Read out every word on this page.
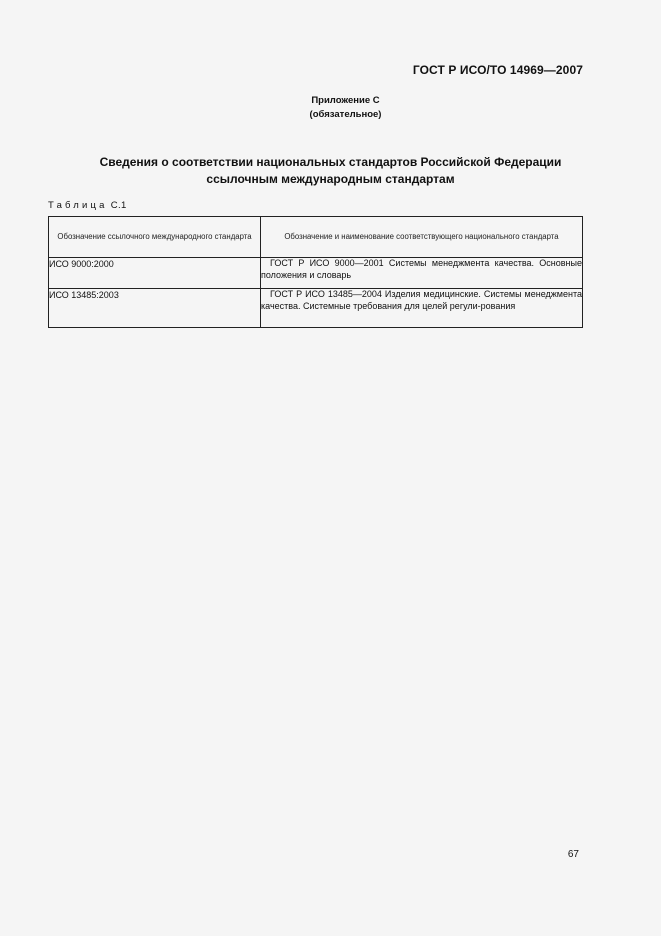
ГОСТ Р ИСО/ТО 14969—2007
Приложение С
(обязательное)
Сведения о соответствии национальных стандартов Российской Федерации
ссылочным международным стандартам
Таблица С.1
Обозначение ссылочного международного стандарта	Обозначение и наименование соответствующего национального стандарта
ИСО 9000:2000	ГОСТ Р ИСО 9000—2001 Системы менеджмента качества. Основные положения и словарь
ИСО 13485:2003	ГОСТ Р ИСО 13485—2004 Изделия медицинские. Системы менеджмента качества. Системные требования для целей регули-рования
67
